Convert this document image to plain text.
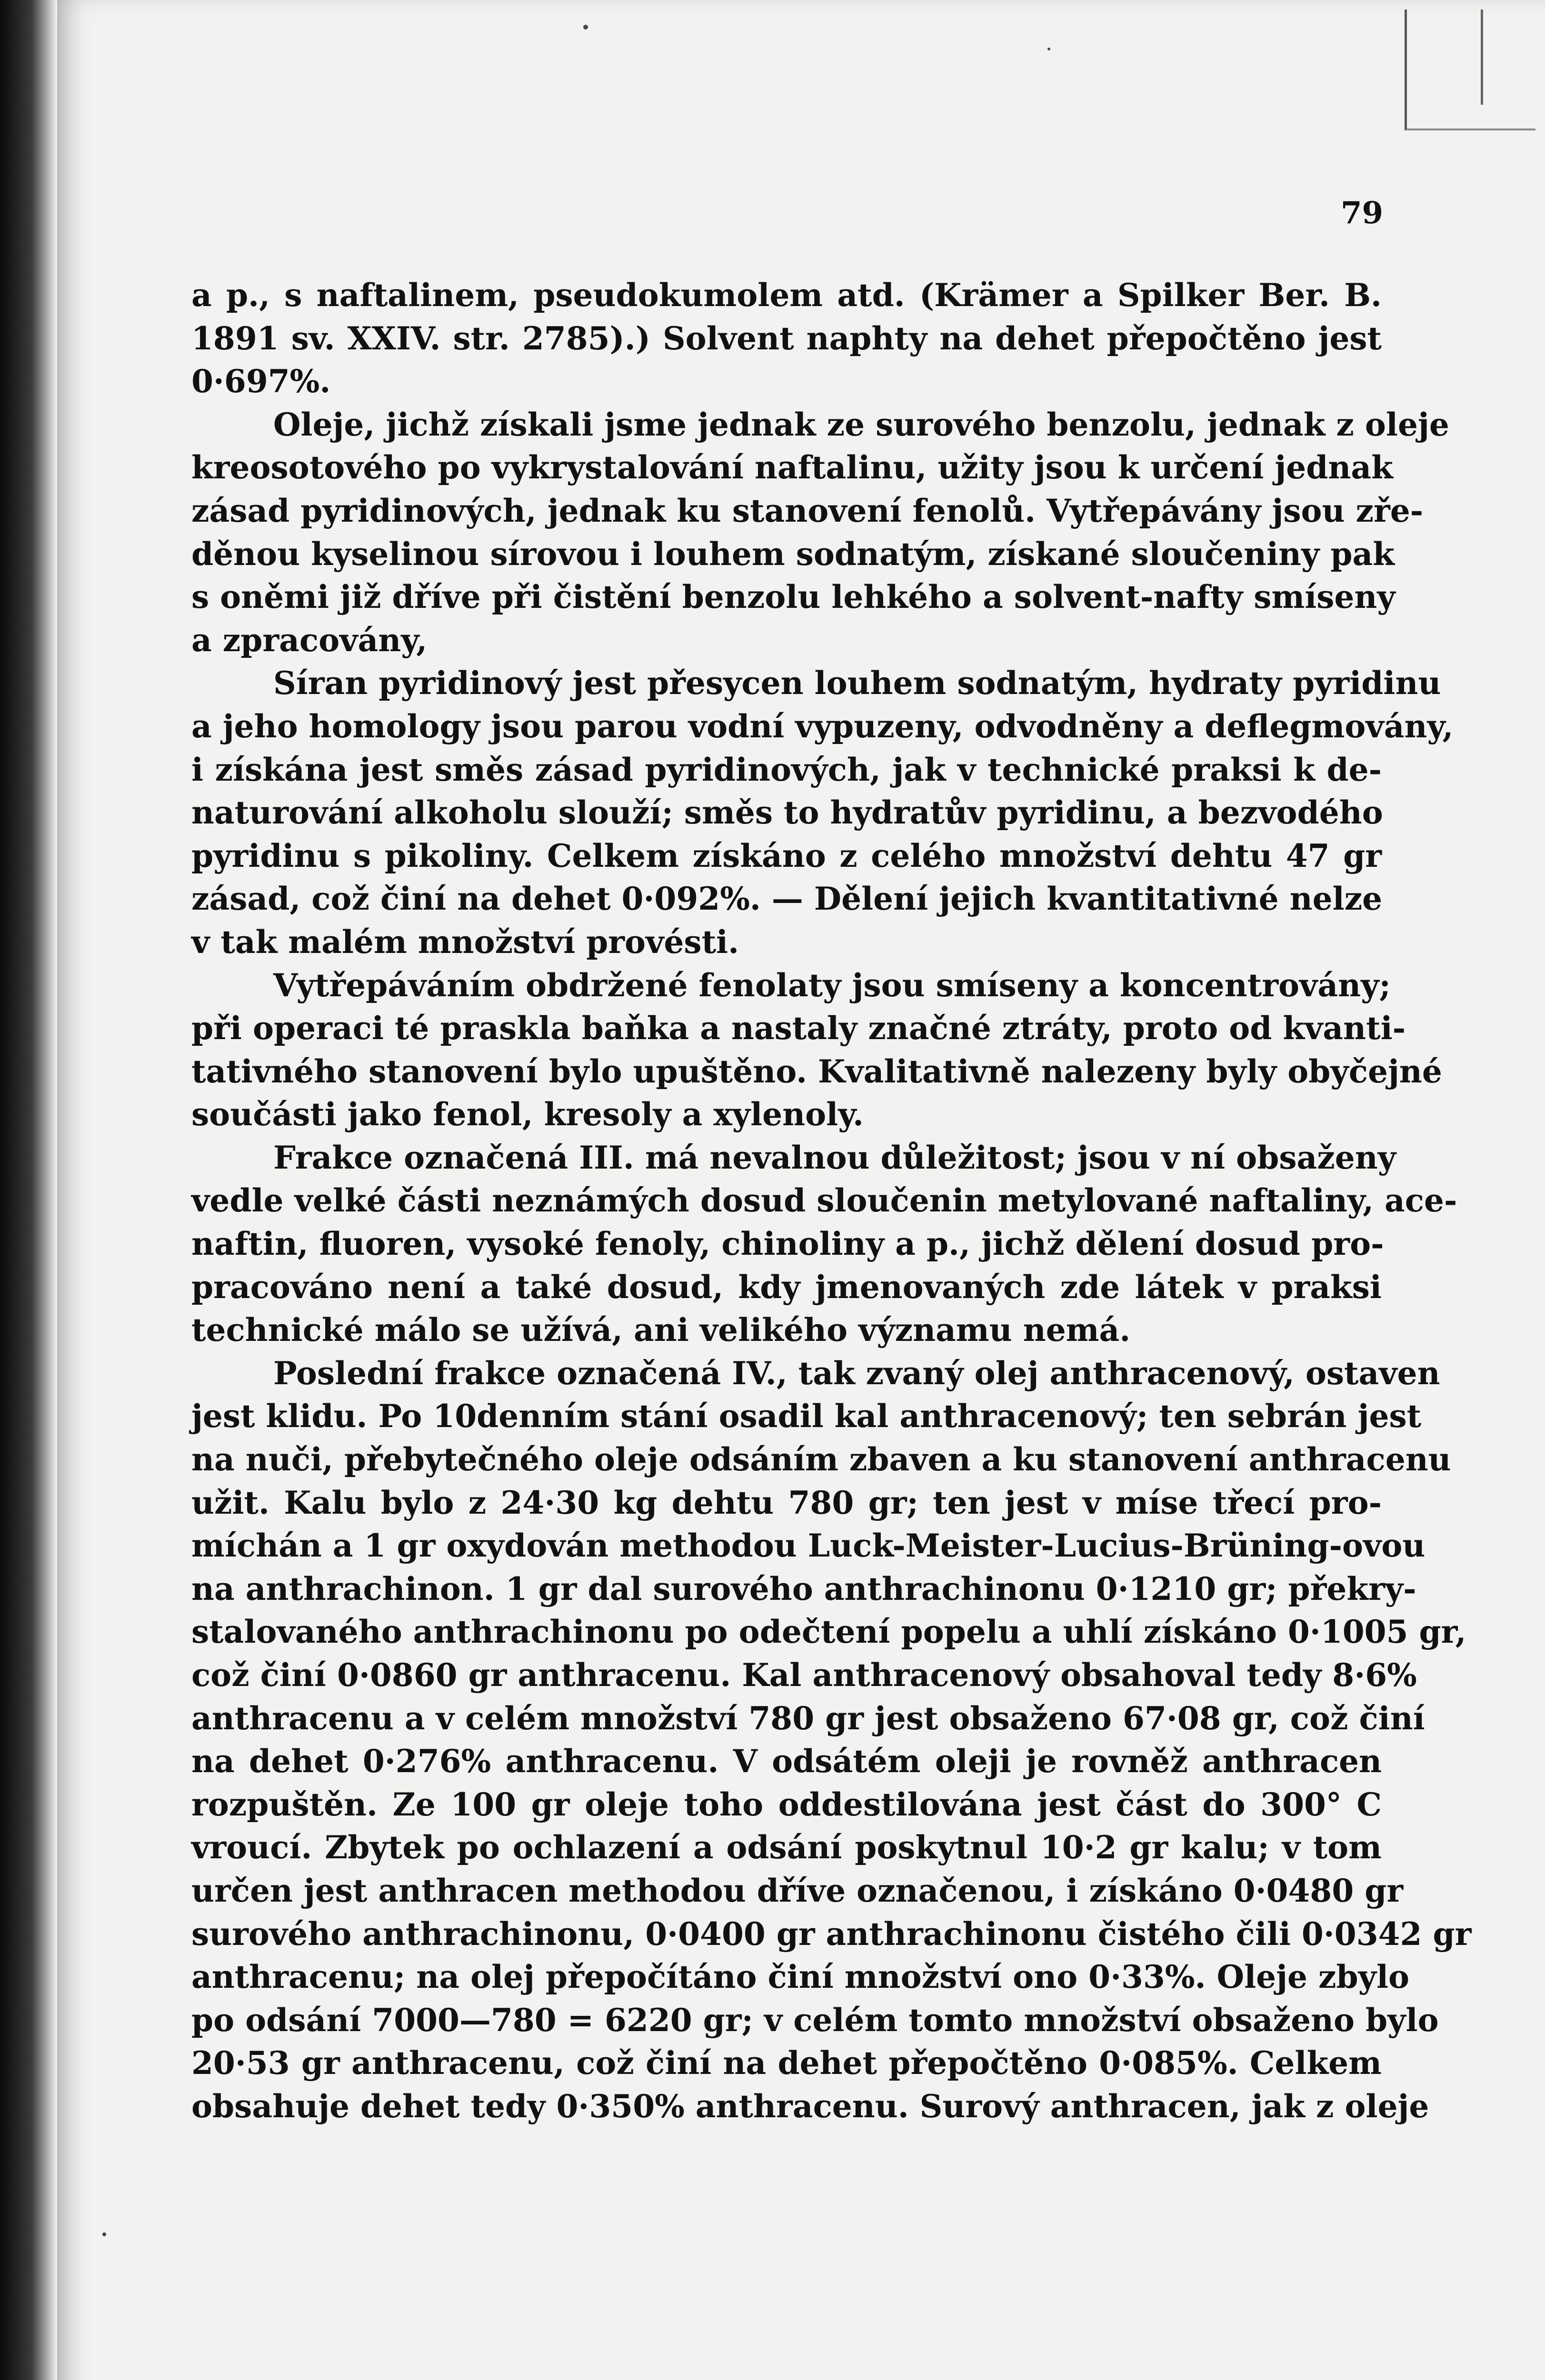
79
a p., s naftalinem, pseudokumolem atd. (Krämer a Spilker Ber. B.
1891 sv. XXIV. str. 2785).) Solvent naphty na dehet přepočtěno jest
0·697%.
Oleje, jichž získali jsme jednak ze surového benzolu, jednak z oleje
kreosotového po vykrystalování naftalinu, užity jsou k určení jednak
zásad pyridinových, jednak ku stanovení fenolů. Vytřepávány jsou zře-
děnou kyselinou sírovou i louhem sodnatým, získané sloučeniny pak
s oněmi již dříve při čistění benzolu lehkého a solvent-nafty smíseny
a zpracovány,
Síran pyridinový jest přesycen louhem sodnatým, hydraty pyridinu
a jeho homology jsou parou vodní vypuzeny, odvodněny a deflegmovány,
i získána jest směs zásad pyridinových, jak v technické praksi k de-
naturování alkoholu slouží; směs to hydratův pyridinu, a bezvodého
pyridinu s pikoliny. Celkem získáno z celého množství dehtu 47 gr
zásad, což činí na dehet 0·092%. — Dělení jejich kvantitativné nelze
v tak malém množství provésti.
Vytřepáváním obdržené fenolaty jsou smíseny a koncentrovány;
při operaci té praskla baňka a nastaly značné ztráty, proto od kvanti-
tativného stanovení bylo upuštěno. Kvalitativně nalezeny byly obyčejné
součásti jako fenol, kresoly a xylenoly.
Frakce označená III. má nevalnou důležitost; jsou v ní obsaženy
vedle velké části neznámých dosud sloučenin metylované naftaliny, ace-
naftin, fluoren, vysoké fenoly, chinoliny a p., jichž dělení dosud pro-
pracováno není a také dosud, kdy jmenovaných zde látek v praksi
technické málo se užívá, ani velikého významu nemá.
Poslední frakce označená IV., tak zvaný olej anthracenový, ostaven
jest klidu. Po 10denním stání osadil kal anthracenový; ten sebrán jest
na nuči, přebytečného oleje odsáním zbaven a ku stanovení anthracenu
užit. Kalu bylo z 24·30 kg dehtu 780 gr; ten jest v míse třecí pro-
míchán a 1 gr oxydován methodou Luck-Meister-Lucius-Brüning-ovou
na anthrachinon. 1 gr dal surového anthrachinonu 0·1210 gr; překry-
stalovaného anthrachinonu po odečtení popelu a uhlí získáno 0·1005 gr,
což činí 0·0860 gr anthracenu. Kal anthracenový obsahoval tedy 8·6%
anthracenu a v celém množství 780 gr jest obsaženo 67·08 gr, což činí
na dehet 0·276% anthracenu. V odsátém oleji je rovněž anthracen
rozpuštěn. Ze 100 gr oleje toho oddestilována jest část do 300° C
vroucí. Zbytek po ochlazení a odsání poskytnul 10·2 gr kalu; v tom
určen jest anthracen methodou dříve označenou, i získáno 0·0480 gr
surového anthrachinonu, 0·0400 gr anthrachinonu čistého čili 0·0342 gr
anthracenu; na olej přepočítáno činí množství ono 0·33%. Oleje zbylo
po odsání 7000—780 = 6220 gr; v celém tomto množství obsaženo bylo
20·53 gr anthracenu, což činí na dehet přepočtěno 0·085%. Celkem
obsahuje dehet tedy 0·350% anthracenu. Surový anthracen, jak z oleje
